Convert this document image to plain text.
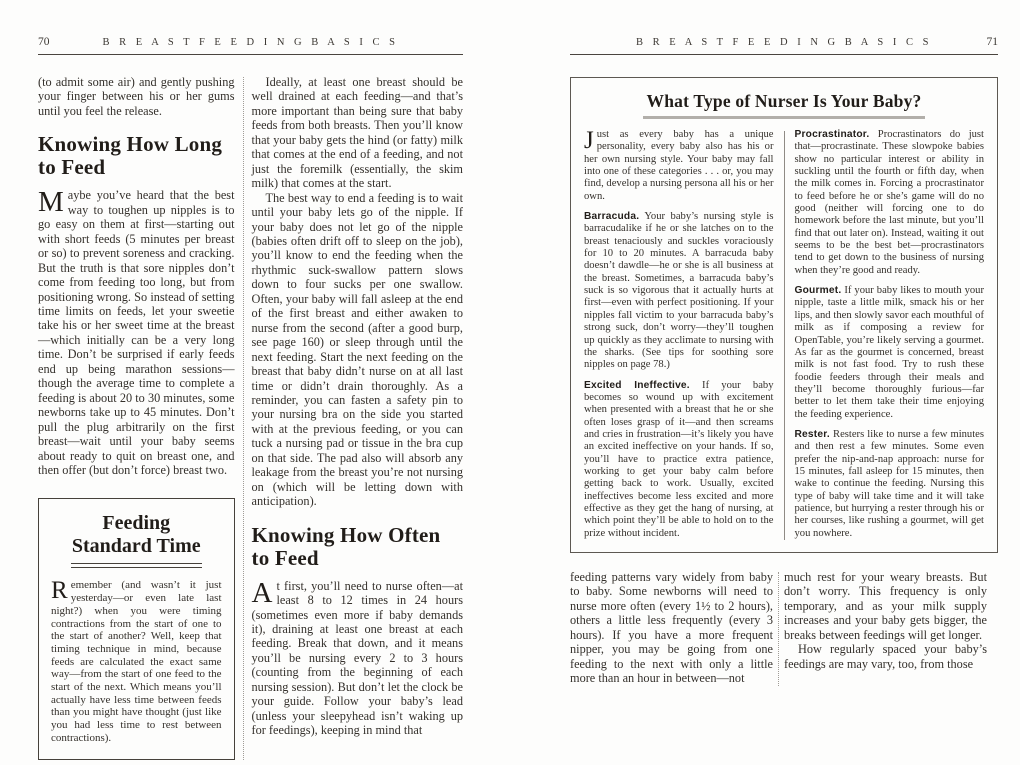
70	B R E A S T F E E D I N G B A S I C S

(to admit some air) and gently pushing your finger between his or her gums until you feel the release.

Knowing How Long to Feed

Maybe you’ve heard that the best way to toughen up nipples is to go easy on them at first—starting out with short feeds (5 minutes per breast or so) to prevent soreness and cracking. But the truth is that sore nipples don’t come from feeding too long, but from positioning wrong. So instead of setting time limits on feeds, let your sweetie take his or her sweet time at the breast—which initially can be a very long time. Don’t be surprised if early feeds end up being marathon sessions—though the average time to complete a feeding is about 20 to 30 minutes, some newborns take up to 45 minutes. Don’t pull the plug arbitrarily on the first breast—wait until your baby seems about ready to quit on breast one, and then offer (but don’t force) breast two.

Feeding
Standard Time

Remember (and wasn’t it just yesterday—or even late last night?) when you were timing contractions from the start of one to the start of another? Well, keep that timing technique in mind, because feeds are calculated the exact same way—from the start of one feed to the start of the next. Which means you’ll actually have less time between feeds than you might have thought (just like you had less time to rest between contractions).

Ideally, at least one breast should be well drained at each feeding—and that’s more important than being sure that baby feeds from both breasts. Then you’ll know that your baby gets the hind (or fatty) milk that comes at the end of a feeding, and not just the foremilk (essentially, the skim milk) that comes at the start.

The best way to end a feeding is to wait until your baby lets go of the nipple. If your baby does not let go of the nipple (babies often drift off to sleep on the job), you’ll know to end the feeding when the rhythmic suck-swallow pattern slows down to four sucks per one swallow. Often, your baby will fall asleep at the end of the first breast and either awaken to nurse from the second (after a good burp, see page 160) or sleep through until the next feeding. Start the next feeding on the breast that baby didn’t nurse on at all last time or didn’t drain thoroughly. As a reminder, you can fasten a safety pin to your nursing bra on the side you started with at the previous feeding, or you can tuck a nursing pad or tissue in the bra cup on that side. The pad also will absorb any leakage from the breast you’re not nursing on (which will be letting down with anticipation).

Knowing How Often to Feed

At first, you’ll need to nurse often—at least 8 to 12 times in 24 hours (sometimes even more if baby demands it), draining at least one breast at each feeding. Break that down, and it means you’ll be nursing every 2 to 3 hours (counting from the beginning of each nursing session). But don’t let the clock be your guide. Follow your baby’s lead (unless your sleepyhead isn’t waking up for feedings), keeping in mind that

B R E A S T F E E D I N G B A S I C S	71
What Type of Nurser Is Your Baby?

Just as every baby has a unique personality, every baby also has his or her own nursing style. Your baby may fall into one of these categories . . . or, you may find, develop a nursing persona all his or her own.

Barracuda. Your baby’s nursing style is barracudalike if he or she latches on to the breast tenaciously and suckles voraciously for 10 to 20 minutes. A barracuda baby doesn’t dawdle—he or she is all business at the breast. Sometimes, a barracuda baby’s suck is so vigorous that it actually hurts at first—even with perfect positioning. If your nipples fall victim to your barracuda baby’s strong suck, don’t worry—they’ll toughen up quickly as they acclimate to nursing with the sharks. (See tips for soothing sore nipples on page 78.)

Excited Ineffective. If your baby becomes so wound up with excitement when presented with a breast that he or she often loses grasp of it—and then screams and cries in frustration—it’s likely you have an excited ineffective on your hands. If so, you’ll have to practice extra patience, working to get your baby calm before getting back to work. Usually, excited ineffectives become less excited and more effective as they get the hang of nursing, at which point they’ll be able to hold on to the prize without incident.

Procrastinator. Procrastinators do just that—procrastinate. These slowpoke babies show no particular interest or ability in suckling until the fourth or fifth day, when the milk comes in. Forcing a procrastinator to feed before he or she’s game will do no good (neither will forcing one to do homework before the last minute, but you’ll find that out later on). Instead, waiting it out seems to be the best bet—procrastinators tend to get down to the business of nursing when they’re good and ready.

Gourmet. If your baby likes to mouth your nipple, taste a little milk, smack his or her lips, and then slowly savor each mouthful of milk as if composing a review for OpenTable, you’re likely serving a gourmet. As far as the gourmet is concerned, breast milk is not fast food. Try to rush these foodie feeders through their meals and they’ll become thoroughly furious—far better to let them take their time enjoying the feeding experience.

Rester. Resters like to nurse a few minutes and then rest a few minutes. Some even prefer the nip-and-nap approach: nurse for 15 minutes, fall asleep for 15 minutes, then wake to continue the feeding. Nursing this type of baby will take time and it will take patience, but hurrying a rester through his or her courses, like rushing a gourmet, will get you nowhere.

feeding patterns vary widely from baby to baby. Some newborns will need to nurse more often (every 1½ to 2 hours), others a little less frequently (every 3 hours). If you have a more frequent nipper, you may be going from one feeding to the next with only a little more than an hour in between—not

much rest for your weary breasts. But don’t worry. This frequency is only temporary, and as your milk supply increases and your baby gets bigger, the breaks between feedings will get longer.

How regularly spaced your baby’s feedings are may vary, too, from those
